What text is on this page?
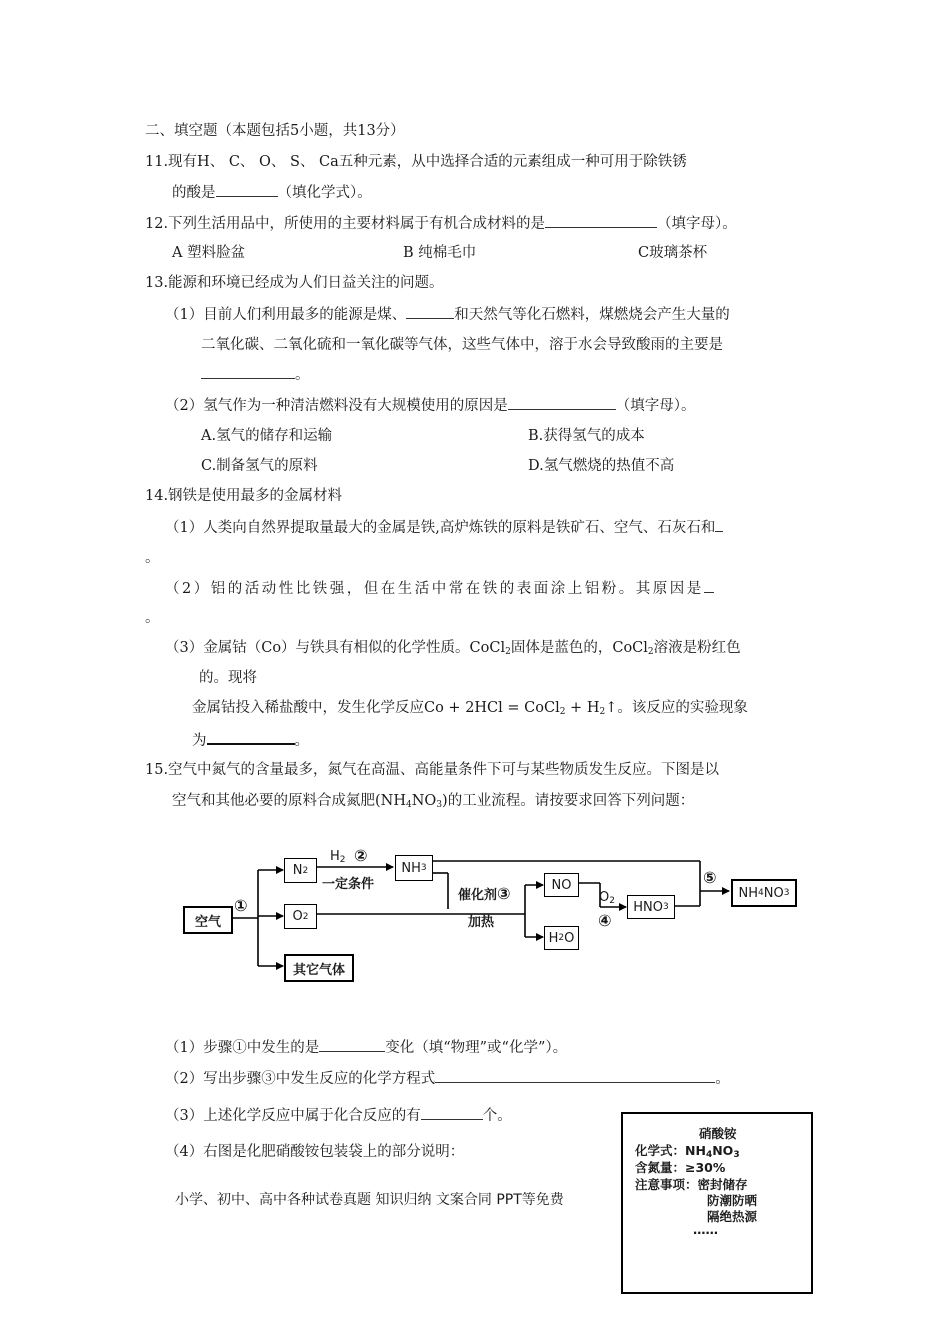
二、填空题（本题包括5小题，共13分）
11.现有H、 C、 O、 S、 Ca五种元素，从中选择合适的元素组成一种可用于除铁锈
的酸是	（填化学式）。
12.下列生活用品中，所使用的主要材料属于有机合成材料的是	（填字母）。
A 塑料脸盆	B 纯棉毛巾	C玻璃茶杯
13.能源和环境已经成为人们日益关注的问题。
（1）目前人们利用最多的能源是煤、	和天然气等化石燃料，煤燃烧会产生大量的
二氧化碳、二氧化硫和一氧化碳等气体，这些气体中，溶于水会导致酸雨的主要是
。
（2）氢气作为一种清洁燃料没有大规模使用的原因是	（填字母）。
A.氢气的储存和运输	B.获得氢气的成本
C.制备氢气的原料	D.氢气燃烧的热值不高
14.钢铁是使用最多的金属材料
（1）人类向自然界提取量最大的金属是铁,高炉炼铁的原料是铁矿石、空气、石灰石和
。
（2）铝的活动性比铁强，但在生活中常在铁的表面涂上铝粉。其原因是
。
（3）金属钴（Co）与铁具有相似的化学性质。CoCl$_2$固体是蓝色的，CoCl$_2$溶液是粉红色
的。现将
金属钴投入稀盐酸中，发生化学反应Co + 2HCl = CoCl$_2$ + $H_2↑$。该反应的实验现象
为	。
15.空气中氮气的含量最多，氮气在高温、高能量条件下可与某些物质发生反应。下图是以
空气和其他必要的原料合成氮肥$(NH_4NO_3)$的工业流程。请按要求回答下列问题：
空气
N 2
O 2
其它气体
NH 3
NO
H 2 O
HNO 3
NH 4 NO 3
①
$H_2$ ②
一定条件
催化剂③
加热
$O_2$
④
⑤
（1）步骤①中发生的是	变化（填“物理”或“化学”）。
（2）写出步骤③中发生反应的化学方程式	。
（3）上述化学反应中属于化合反应的有	个。
（4）右图是化肥硝酸铵包装袋上的部分说明：
小学、初中、高中各种试卷真题 知识归纳 文案合同 PPT等免费
硝酸铵
化学式：$NH_4NO_3$
含氮量：≥30%
注意事项：密封储存
防潮防晒
隔绝热源
……
